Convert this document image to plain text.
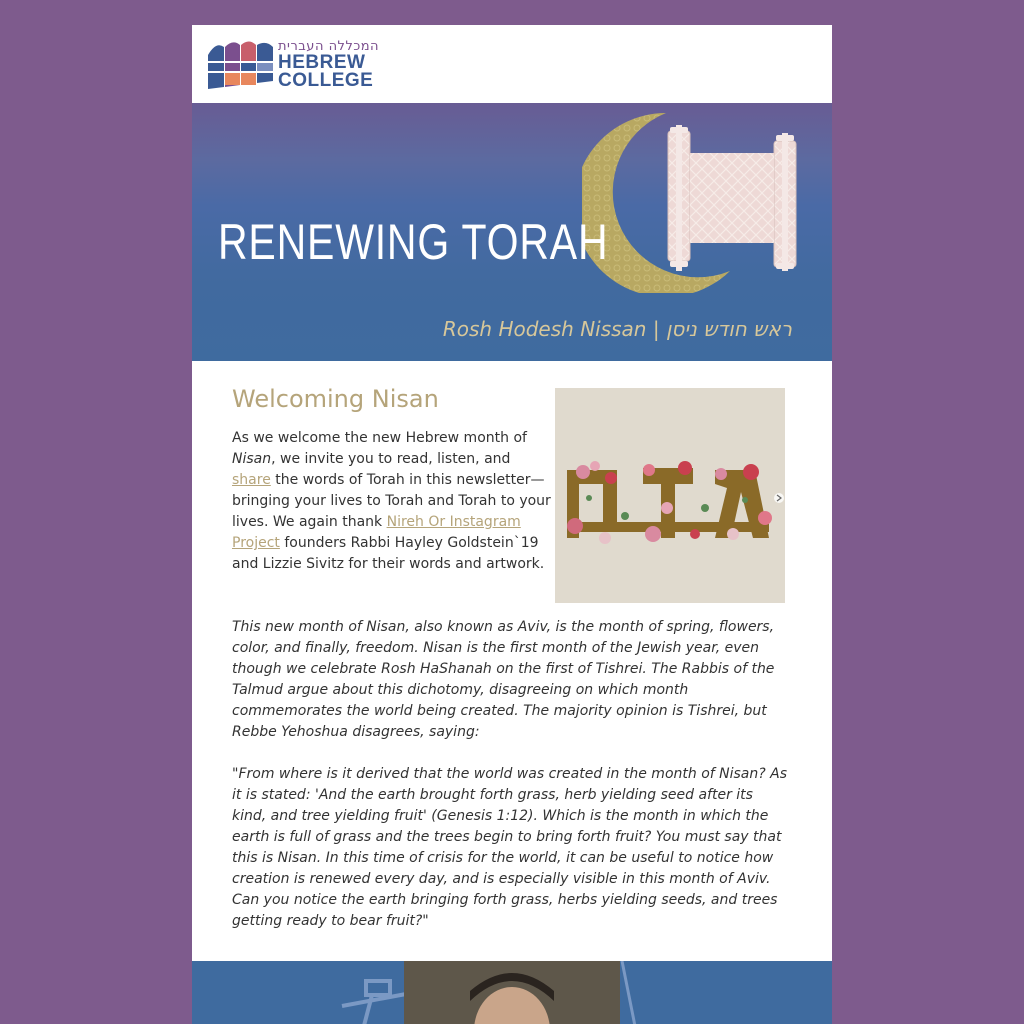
המכללה העברית
HEBREW
COLLEGE
RENEWING TORAH
Rosh Hodesh Nissan | ראש חודש ניסן
Welcoming Nisan
As we welcome the new Hebrew month of Nisan, we invite you to read, listen, and share the words of Torah in this newsletter—bringing your lives to Torah and Torah to your lives. We again thank Nireh Or Instagram Project founders Rabbi Hayley Goldstein`19 and Lizzie Sivitz for their words and artwork.
This new month of Nisan, also known as Aviv, is the month of spring, flowers, color, and finally, freedom. Nisan is the first month of the Jewish year, even though we celebrate Rosh HaShanah on the first of Tishrei. The Rabbis of the Talmud argue about this dichotomy, disagreeing on which month commemorates the world being created. The majority opinion is Tishrei, but Rebbe Yehoshua disagrees, saying:
"From where is it derived that the world was created in the month of Nisan? As it is stated: 'And the earth brought forth grass, herb yielding seed after its kind, and tree yielding fruit' (Genesis 1:12). Which is the month in which the earth is full of grass and the trees begin to bring forth fruit? You must say that this is Nisan. In this time of crisis for the world, it can be useful to notice how creation is renewed every day, and is especially visible in this month of Aviv. Can you notice the earth bringing forth grass, herbs yielding seeds, and trees getting ready to bear fruit?"
